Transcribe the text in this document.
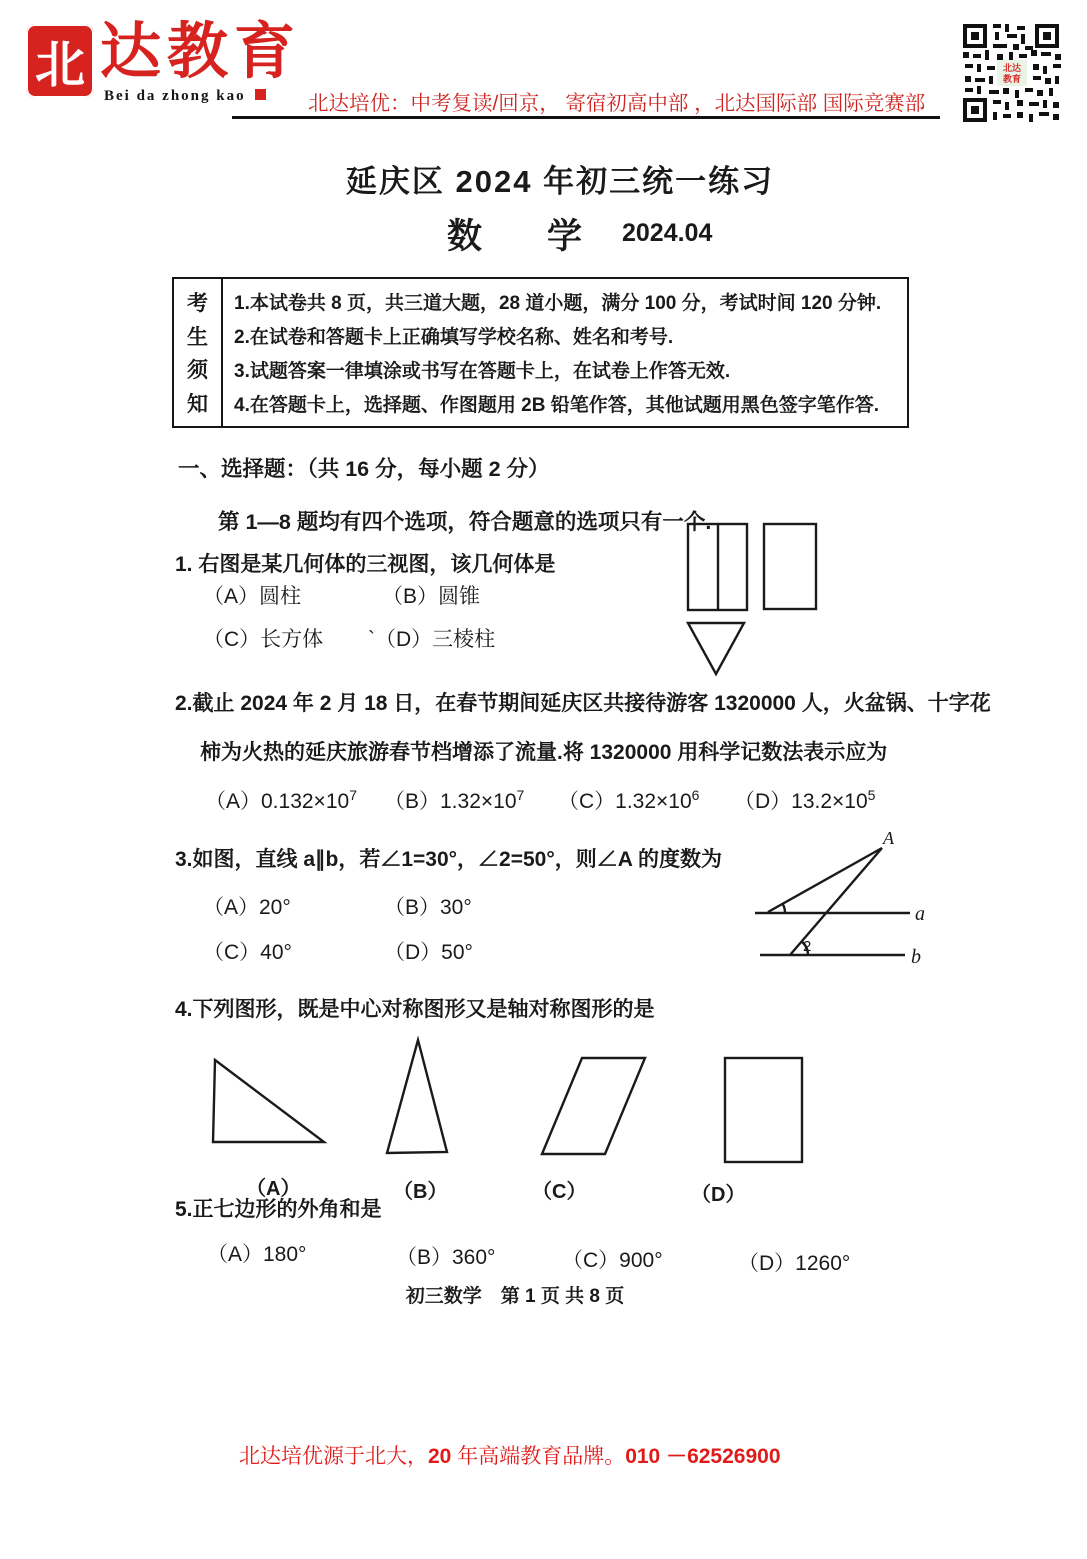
北 达教育
Bei da zhong kao	北达培优：中考复读/回京， 寄宿初高中部 ，北达国际部 国际竞赛部
北达
教育
延庆区 2024 年初三统一练习
数 学 2024.04
考
生
须
知
1.本试卷共 8 页，共三道大题，28 道小题，满分 100 分，考试时间 120 分钟.
2.在试卷和答题卡上正确填写学校名称、姓名和考号.
3.试题答案一律填涂或书写在答题卡上，在试卷上作答无效.
4.在答题卡上，选择题、作图题用 2B 铅笔作答，其他试题用黑色签字笔作答.
一、选择题：（共 16 分，每小题 2 分）
第 1—8 题均有四个选项，符合题意的选项只有一个.
1. 右图是某几何体的三视图，该几何体是
（A）圆柱	（B）圆锥
（C）长方体 `（D）三棱柱
2.截止 2024 年 2 月 18 日，在春节期间延庆区共接待游客 1320000 人，火盆锅、十字花
柿为火热的延庆旅游春节档增添了流量.将 1320000 用科学记数法表示应为
$(A)0.132\times 10^7$ $(B)1.32\times 10^7$ $(C)1.32\times 10^6$ $(D)13.2\times 10^5$
3.如图，直线 a∥b，若∠1=30°，∠2=50°，则∠A 的度数为
（A）20°	（B）30°
（C）40°	（D）50°
A
a
b
2
4.下列图形，既是中心对称图形又是轴对称图形的是
（A）	（B）	（C）	（D）
5.正七边形的外角和是
（A）180°	（B）360°	（C）900°	（D）1260°
初三数学　第 1 页 共 8 页
北达培优源于北大，20 年高端教育品牌。010 －62526900
